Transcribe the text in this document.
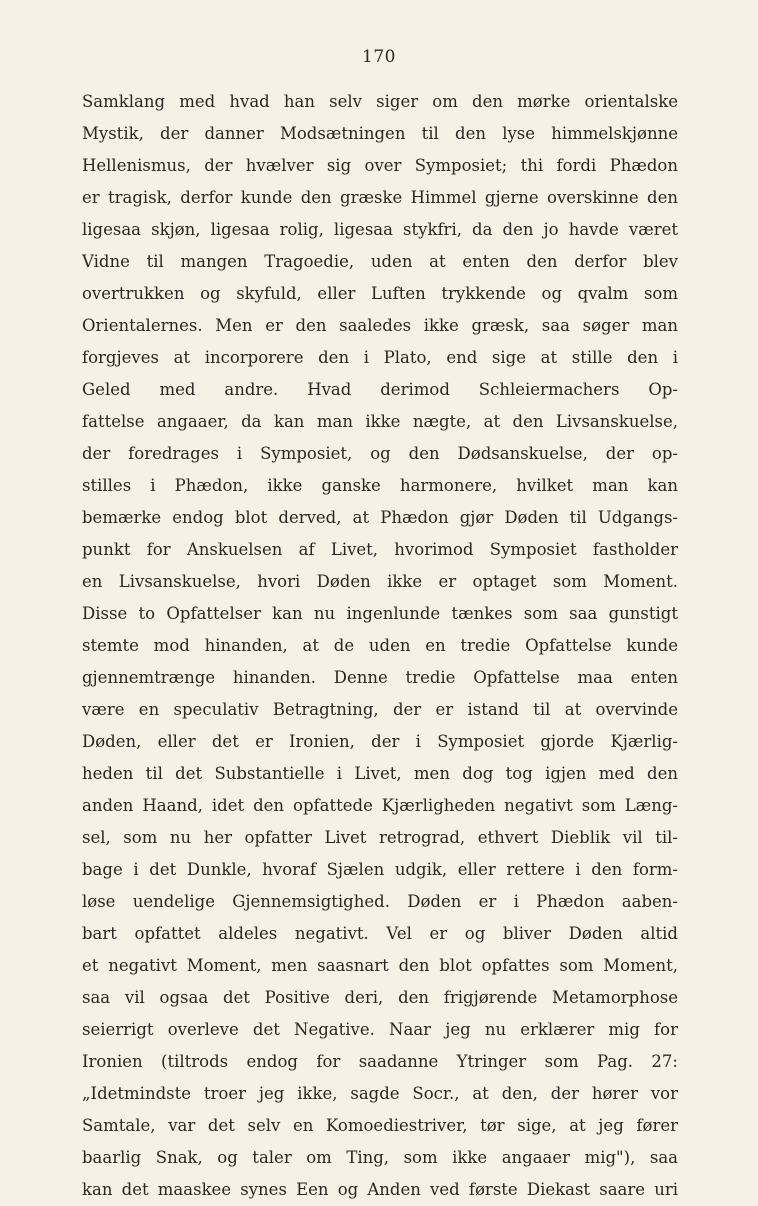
170
Samklang med hvad han selv siger om den mørke orientalske
Mystik, der danner Modsætningen til den lyse himmelskjønne
Hellenismus, der hvælver sig over Symposiet; thi fordi Phædon
er tragisk, derfor kunde den græske Himmel gjerne overskinne den
ligesaa skjøn, ligesaa rolig, ligesaa stykfri, da den jo havde været
Vidne til mangen Tragoedie, uden at enten den derfor blev
overtrukken og skyfuld, eller Luften trykkende og qvalm som
Orientalernes. Men er den saaledes ikke græsk, saa søger man
forgjeves at incorporere den i Plato, end sige at stille den i
Geled med andre. Hvad derimod Schleiermachers Op-
fattelse angaaer, da kan man ikke nægte, at den Livsanskuelse,
der foredrages i Symposiet, og den Dødsanskuelse, der op-
stilles i Phædon, ikke ganske harmonere, hvilket man kan
bemærke endog blot derved, at Phædon gjør Døden til Udgangs-
punkt for Anskuelsen af Livet, hvorimod Symposiet fastholder
en Livsanskuelse, hvori Døden ikke er optaget som Moment.
Disse to Opfattelser kan nu ingenlunde tænkes som saa gunstigt
stemte mod hinanden, at de uden en tredie Opfattelse kunde
gjennemtrænge hinanden. Denne tredie Opfattelse maa enten
være en speculativ Betragtning, der er istand til at overvinde
Døden, eller det er Ironien, der i Symposiet gjorde Kjærlig-
heden til det Substantielle i Livet, men dog tog igjen med den
anden Haand, idet den opfattede Kjærligheden negativt som Læng-
sel, som nu her opfatter Livet retrograd, ethvert Dieblik vil til-
bage i det Dunkle, hvoraf Sjælen udgik, eller rettere i den form-
løse uendelige Gjennemsigtighed. Døden er i Phædon aaben-
bart opfattet aldeles negativt. Vel er og bliver Døden altid
et negativt Moment, men saasnart den blot opfattes som Moment,
saa vil ogsaa det Positive deri, den frigjørende Metamorphose
seierrigt overleve det Negative. Naar jeg nu erklærer mig for
Ironien (tiltrods endog for saadanne Ytringer som Pag. 27:
„Idetmindste troer jeg ikke, sagde Socr., at den, der hører vor
Samtale, var det selv en Komoediestriver, tør sige, at jeg fører
baarlig Snak, og taler om Ting, som ikke angaaer mig"), saa
kan det maaskee synes Een og Anden ved første Diekast saare uri
